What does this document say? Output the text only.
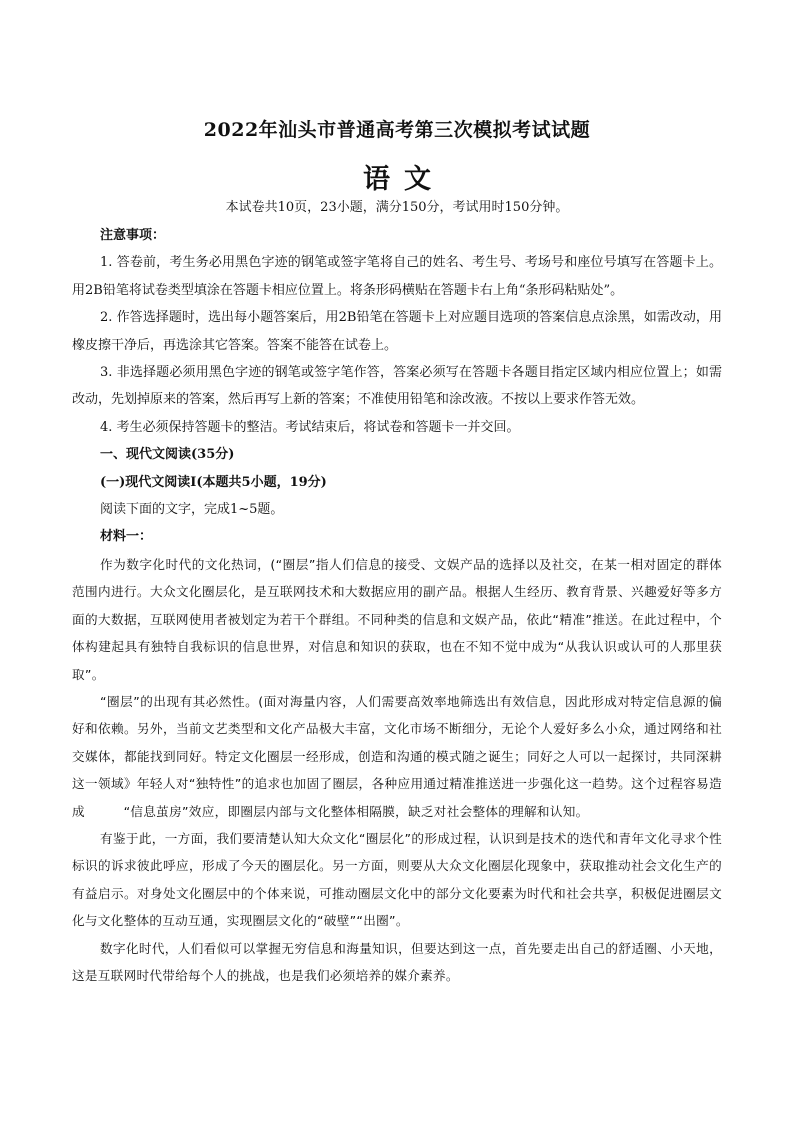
2022年汕头市普通高考第三次模拟考试试题
语文
本试卷共10页，23小题，满分150分，考试用时150分钟。

注意事项：

1. 答卷前，考生务必用黑色字迹的钢笔或签字笔将自己的姓名、考生号、考场号和座位号填写在答题卡上。用2B铅笔将试卷类型填涂在答题卡相应位置上。将条形码横贴在答题卡右上角“条形码粘贴处”。

2. 作答选择题时，选出每小题答案后，用2B铅笔在答题卡上对应题目选项的答案信息点涂黑，如需改动，用橡皮擦干净后，再选涂其它答案。答案不能答在试卷上。

3. 非选择题必须用黑色字迹的钢笔或签字笔作答，答案必须写在答题卡各题目指定区域内相应位置上；如需改动，先划掉原来的答案，然后再写上新的答案；不准使用铅笔和涂改液。不按以上要求作答无效。

4. 考生必须保持答题卡的整洁。考试结束后，将试卷和答题卡一并交回。

一、现代文阅读(35分)

(一)现代文阅读Ⅰ(本题共5小题，19分)

阅读下面的文字，完成1~5题。

材料一：

作为数字化时代的文化热词，(“圈层”指人们信息的接受、文娱产品的选择以及社交，在某一相对固定的群体范围内进行。大众文化圈层化，是互联网技术和大数据应用的副产品。根据人生经历、教育背景、兴趣爱好等多方面的大数据，互联网使用者被划定为若干个群组。不同种类的信息和文娱产品，依此“精准”推送。在此过程中，个体构建起具有独特自我标识的信息世界，对信息和知识的获取，也在不知不觉中成为“从我认识或认可的人那里获取”。

“圈层”的出现有其必然性。(面对海量内容，人们需要高效率地筛选出有效信息，因此形成对特定信息源的偏好和依赖。另外，当前文艺类型和文化产品极大丰富，文化市场不断细分，无论个人爱好多么小众，通过网络和社交媒体，都能找到同好。特定文化圈层一经形成，创造和沟通的模式随之诞生；同好之人可以一起探讨，共同深耕这一领域》年轻人对“独特性”的追求也加固了圈层，各种应用通过精准推送进一步强化这一趋势。这个过程容易造成　　　“信息茧房”效应，即圈层内部与文化整体相隔膜，缺乏对社会整体的理解和认知。

有鉴于此，一方面，我们要清楚认知大众文化“圈层化”的形成过程，认识到是技术的迭代和青年文化寻求个性标识的诉求彼此呼应，形成了今天的圈层化。另一方面，则要从大众文化圈层化现象中，获取推动社会文化生产的有益启示。对身处文化圈层中的个体来说，可推动圈层文化中的部分文化要素为时代和社会共享，积极促进圈层文化与文化整体的互动互通，实现圈层文化的“破壁”“出圈”。

数字化时代，人们看似可以掌握无穷信息和海量知识，但要达到这一点，首先要走出自己的舒适圈、小天地，这是互联网时代带给每个人的挑战，也是我们必须培养的媒介素养。
